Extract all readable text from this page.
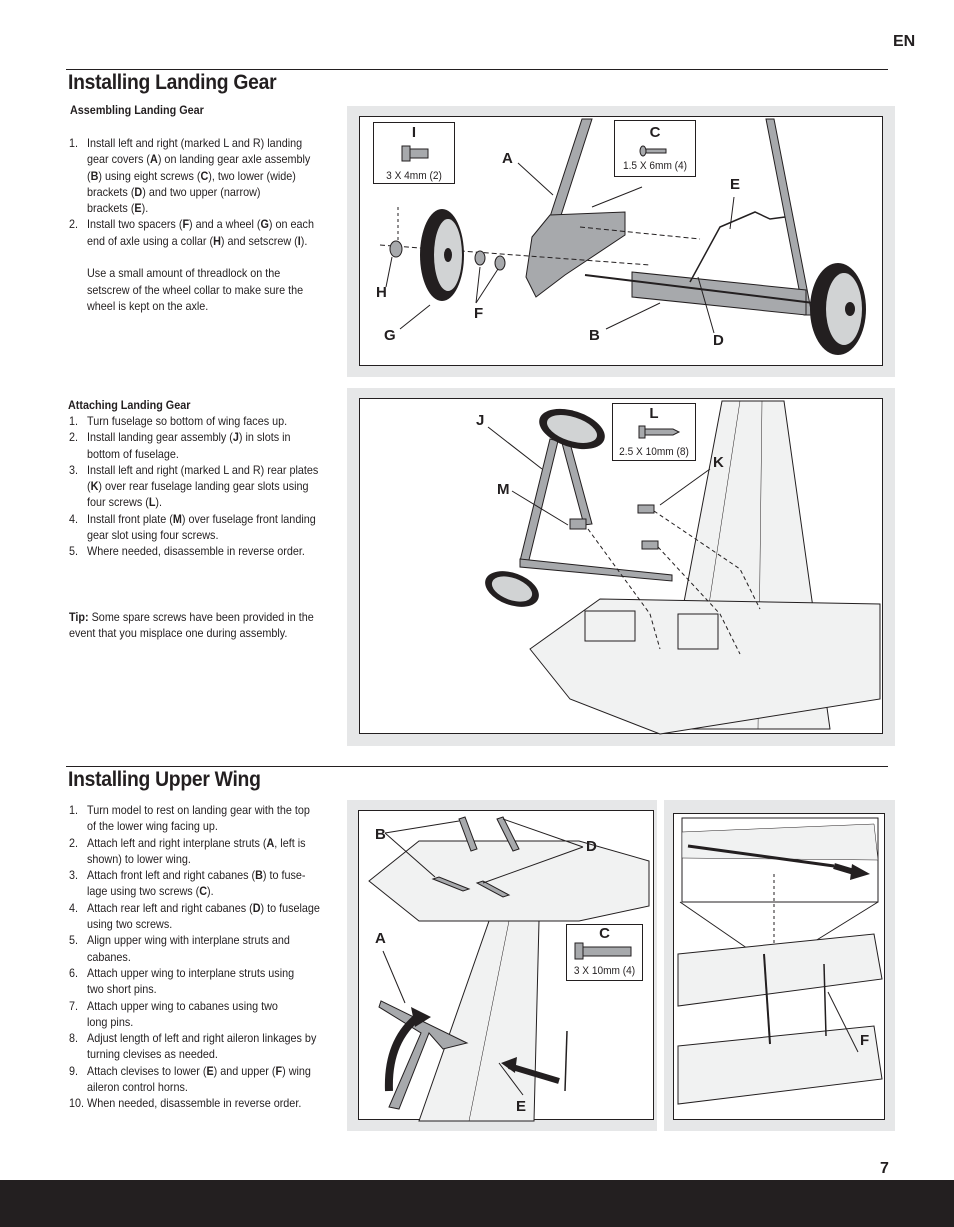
EN
Installing Landing Gear
Assembling Landing Gear
1. Install left and right (marked L and R) landing
gear covers (A) on landing gear axle assembly
(B) using eight screws (C), two lower (wide)
brackets (D) and two upper (narrow)
brackets (E).
2. Install two spacers (F) and a wheel (G) on each
end of axle using a collar (H) and setscrew (I).
Use a small amount of threadlock on the
setscrew of the wheel collar to make sure the
wheel is kept on the axle.
Attaching Landing Gear
1. Turn fuselage so bottom of wing faces up.
2. Install landing gear assembly (J) in slots in
bottom of fuselage.
3. Install left and right (marked L and R) rear plates
(K) over rear fuselage landing gear slots using
four screws (L).
4. Install front plate (M) over fuselage front landing
gear slot using four screws.
5. Where needed, disassemble in reverse order.

Tip: Some spare screws have been provided in the

event that you misplace one during assembly.

I
3 X 4mm (2)
C
1.5 X 6mm (4)
A
E
H
F
G	B	D
L
2.5 X 10mm (8)
J
K
M
Installing Upper Wing
1. Turn model to rest on landing gear with the top
of the lower wing facing up.
2. Attach left and right interplane struts (A, left is
shown) to lower wing.
3. Attach front left and right cabanes (B) to fuse-
lage using two screws (C).
4. Attach rear left and right cabanes (D) to fuselage
using two screws.
5. Align upper wing with interplane struts and
cabanes.
6. Attach upper wing to interplane struts using
two short pins.
7. Attach upper wing to cabanes using two
long pins.
8. Adjust length of left and right aileron linkages by
turning clevises as needed.
9. Attach clevises to lower (E) and upper (F) wing
aileron control horns.
10. When needed, disassemble in reverse order.
C
3 X 10mm (4)
B
D
A
E
F
7
